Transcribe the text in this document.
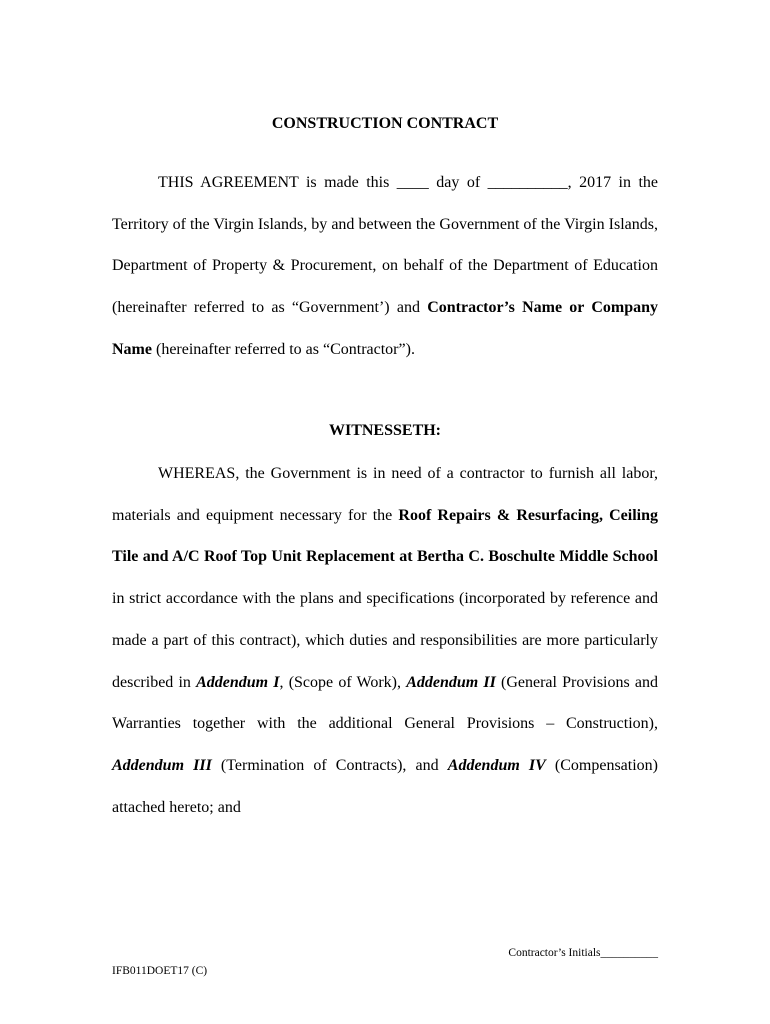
CONSTRUCTION CONTRACT

THIS AGREEMENT is made this ____ day of __________, 2017 in the Territory of the Virgin Islands, by and between the Government of the Virgin Islands, Department of Property & Procurement, on behalf of the Department of Education (hereinafter referred to as “Government’) and Contractor’s Name or Company Name (hereinafter referred to as “Contractor”).

WITNESSETH:

WHEREAS, the Government is in need of a contractor to furnish all labor, materials and equipment necessary for the Roof Repairs & Resurfacing, Ceiling Tile and A/C Roof Top Unit Replacement at Bertha C. Boschulte Middle School in strict accordance with the plans and specifications (incorporated by reference and made a part of this contract), which duties and responsibilities are more particularly described in Addendum I, (Scope of Work), Addendum II (General Provisions and Warranties together with the additional General Provisions – Construction), Addendum III (Termination of Contracts), and Addendum IV (Compensation) attached hereto; and

Contractor’s Initials__________

IFB011DOET17 (C)
